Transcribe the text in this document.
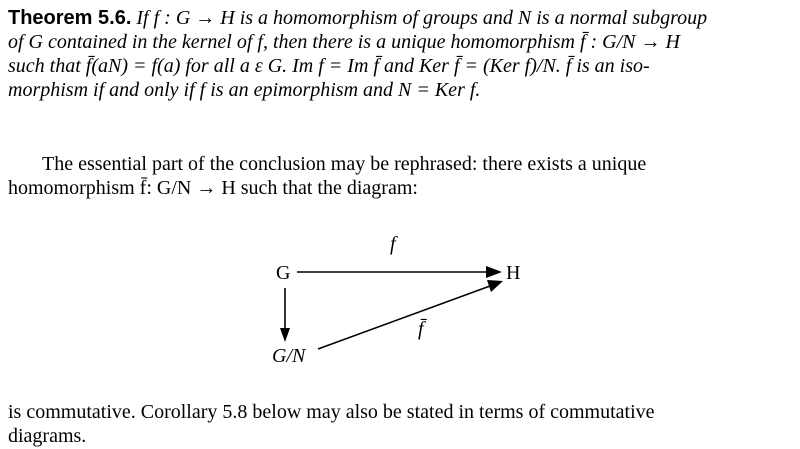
Theorem 5.6. If f : G → H is a homomorphism of groups and N is a normal subgroup
of G contained in the kernel of f, then there is a unique homomorphism f̄ : G/N → H
such that f̄(aN) = f(a) for all a ε G. Im f = Im f̄ and Ker f̄ = (Ker f)/N. f̄ is an iso-
morphism if and only if f is an epimorphism and N = Ker f.
The essential part of the conclusion may be rephrased: there exists a unique
homomorphism f̄: G/N → H such that the diagram:
G	H
G/N
f
f̄
is commutative. Corollary 5.8 below may also be stated in terms of commutative
diagrams.
